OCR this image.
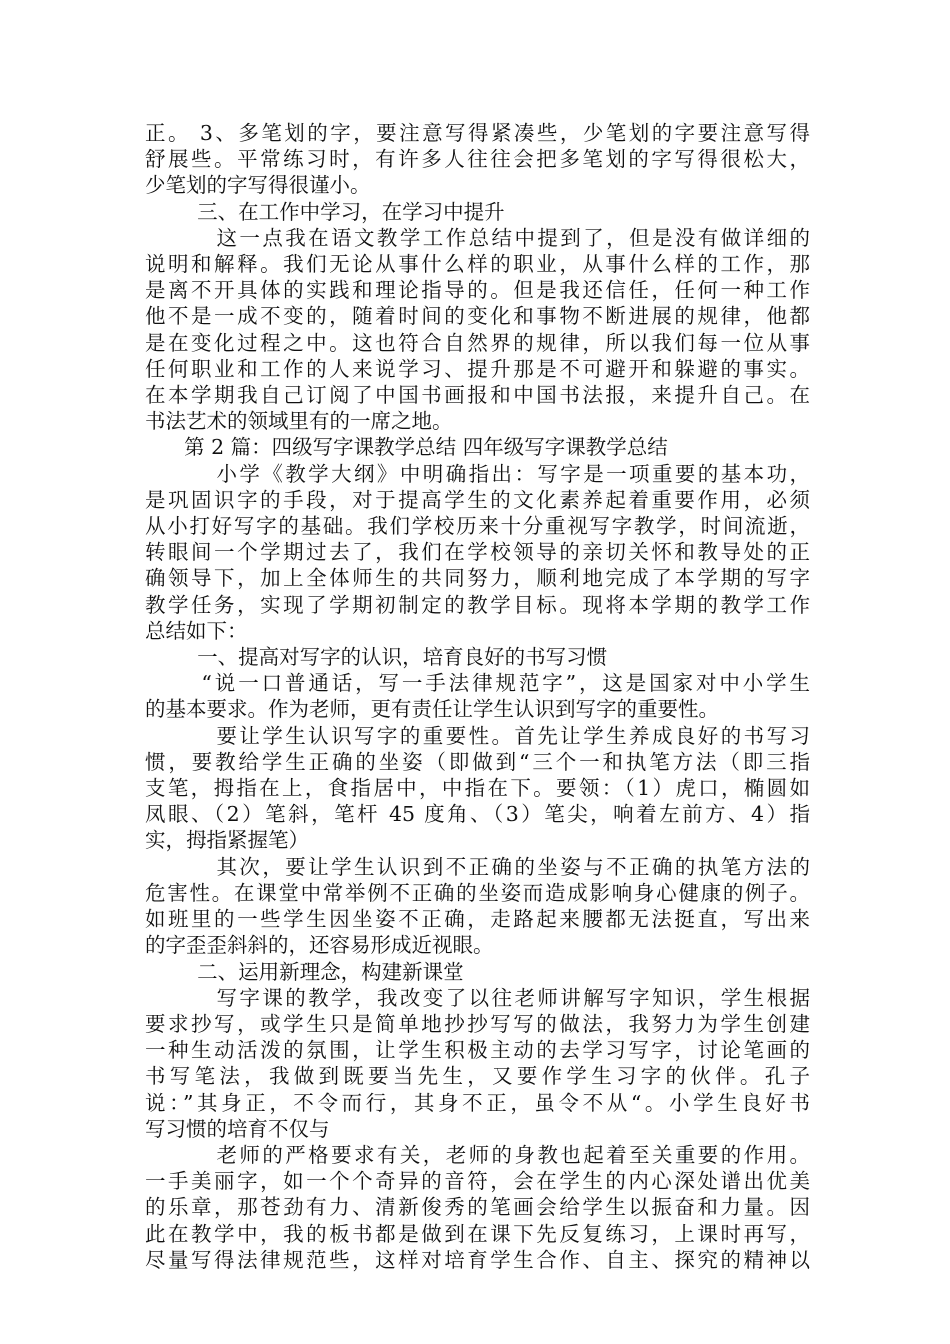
正。 3、多笔划的字，要注意写得紧凑些，少笔划的字要注意写得
舒展些。平常练习时，有许多人往往会把多笔划的字写得很松大，
少笔划的字写得很谨小。
三、在工作中学习，在学习中提升
这一点我在语文教学工作总结中提到了，但是没有做详细的
说明和解释。我们无论从事什么样的职业，从事什么样的工作，那
是离不开具体的实践和理论指导的。但是我还信任，任何一种工作
他不是一成不变的，随着时间的变化和事物不断进展的规律，他都
是在变化过程之中。这也符合自然界的规律，所以我们每一位从事
任何职业和工作的人来说学习、提升那是不可避开和躲避的事实。
在本学期我自己订阅了中国书画报和中国书法报，来提升自己。在
书法艺术的领域里有的一席之地。
第 2 篇：四级写字课教学总结 四年级写字课教学总结
小学《教学大纲》中明确指出：写字是一项重要的基本功，
是巩固识字的手段，对于提高学生的文化素养起着重要作用，必须
从小打好写字的基础。我们学校历来十分重视写字教学，时间流逝，
转眼间一个学期过去了，我们在学校领导的亲切关怀和教导处的正
确领导下，加上全体师生的共同努力，顺利地完成了本学期的写字
教学任务，实现了学期初制定的教学目标。现将本学期的教学工作
总结如下：
一、提高对写字的认识，培育良好的书写习惯
“说一口普通话，写一手法律规范字”，这是国家对中小学生
的基本要求。作为老师，更有责任让学生认识到写字的重要性。
要让学生认识写字的重要性。首先让学生养成良好的书写习
惯，要教给学生正确的坐姿（即做到“三个一和执笔方法（即三指
支笔，拇指在上，食指居中，中指在下。要领：（1）虎口，椭圆如
凤眼、（2）笔斜，笔杆 45 度角、（3）笔尖，响着左前方、4）指
实，拇指紧握笔）
其次，要让学生认识到不正确的坐姿与不正确的执笔方法的
危害性。在课堂中常举例不正确的坐姿而造成影响身心健康的例子。
如班里的一些学生因坐姿不正确，走路起来腰都无法挺直，写出来
的字歪歪斜斜的，还容易形成近视眼。
二、运用新理念，构建新课堂
写字课的教学，我改变了以往老师讲解写字知识，学生根据
要求抄写，或学生只是简单地抄抄写写的做法，我努力为学生创建
一种生动活泼的氛围，让学生积极主动的去学习写字，讨论笔画的
书写笔法，我做到既要当先生，又要作学生习字的伙伴。孔子
说：”其身正，不令而行，其身不正，虽令不从“。小学生良好书
写习惯的培育不仅与
老师的严格要求有关，老师的身教也起着至关重要的作用。
一手美丽字，如一个个奇异的音符，会在学生的内心深处谱出优美
的乐章，那苍劲有力、清新俊秀的笔画会给学生以振奋和力量。因
此在教学中，我的板书都是做到在课下先反复练习，上课时再写，
尽量写得法律规范些，这样对培育学生合作、自主、探究的精神以
